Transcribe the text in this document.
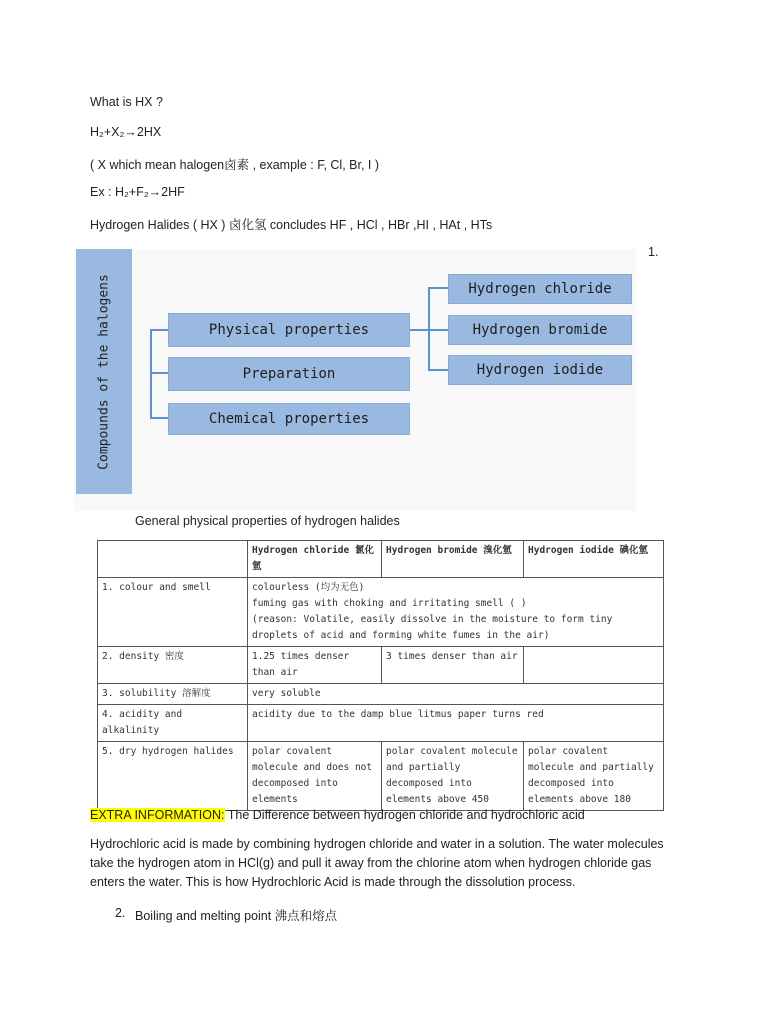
What is HX ?
H₂+X₂→2HX
( X which mean halogen卤素 , example : F, Cl, Br, I )
Ex : H₂+F₂→2HF
Hydrogen Halides ( HX ) 卤化氢 concludes HF , HCl , HBr ,HI , HAt , HTs
1.
Compounds of the halogens	Physical properties
Preparation
Chemical properties
Hydrogen chloride
Hydrogen bromide
Hydrogen iodide
General physical properties of hydrogen halides
	Hydrogen chloride 氯化氫	Hydrogen bromide 溴化氫	Hydrogen iodide 碘化氫
1. colour and smell	colourless (均为无色)
fuming gas with choking and irritating smell ( )
(reason: Volatile, easily dissolve in the moisture to form tiny droplets of acid and forming white fumes in the air)		

2. density 密度	1.25 times denser than air	3 times denser than air	
3. solubility 溶解度	very soluble		
4. acidity and alkalinity	acidity due to the damp blue litmus paper turns red		
5. dry hydrogen halides	polar covalent molecule and does not decomposed into elements	polar covalent molecule and partially decomposed into elements above 450	polar covalent molecule and partially decomposed into elements above 180
EXTRA INFORMATION: The Difference between hydrogen chloride and hydrochloric acid
Hydrochloric acid is made by combining hydrogen chloride and water in a solution. The water molecules
take the hydrogen atom in HCl(g) and pull it away from the chlorine atom when hydrogen chloride gas
enters the water. This is how Hydrochloric Acid is made through the dissolution process.
2. Boiling and melting point 沸点和熔点
